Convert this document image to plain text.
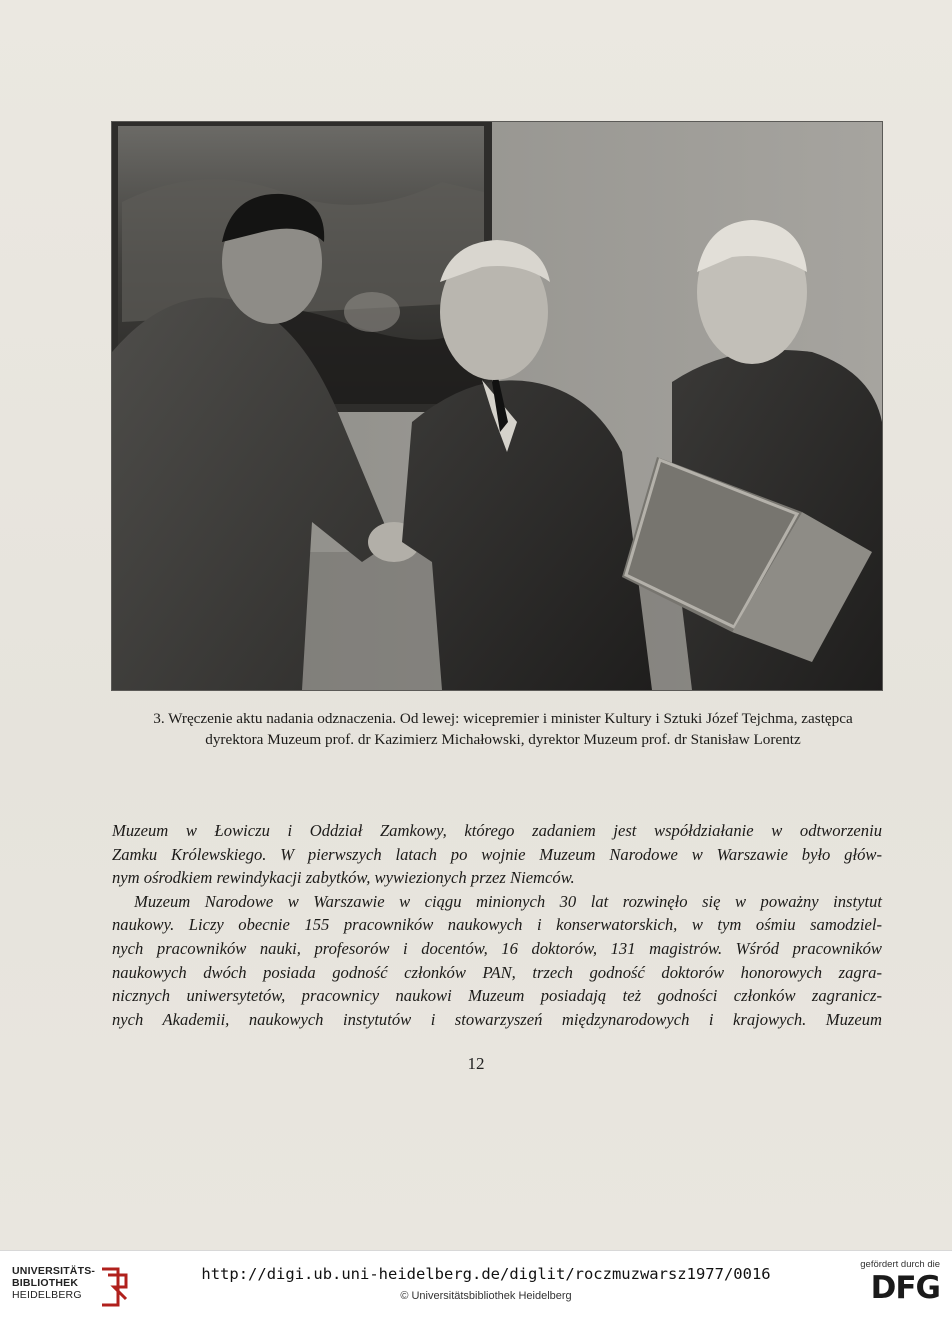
3. Wręczenie aktu nadania odznaczenia. Od lewej: wicepremier i minister Kultury i Sztuki Józef Tejchma, zastępca
dyrektora Muzeum prof. dr Kazimierz Michałowski, dyrektor Muzeum prof. dr Stanisław Lorentz
Muzeum w Łowiczu i Oddział Zamkowy, którego zadaniem jest współdziałanie w odtworzeniu
Zamku Królewskiego. W pierwszych latach po wojnie Muzeum Narodowe w Warszawie było głów-
nym ośrodkiem rewindykacji zabytków, wywiezionych przez Niemców.
Muzeum Narodowe w Warszawie w ciągu minionych 30 lat rozwinęło się w poważny instytut
naukowy. Liczy obecnie 155 pracowników naukowych i konserwatorskich, w tym ośmiu samodziel-
nych pracowników nauki, profesorów i docentów, 16 doktorów, 131 magistrów. Wśród pracowników
naukowych dwóch posiada godność członków PAN, trzech godność doktorów honorowych zagra-
nicznych uniwersytetów, pracownicy naukowi Muzeum posiadają też godności członków zagranicz-
nych Akademii, naukowych instytutów i stowarzyszeń międzynarodowych i krajowych. Muzeum
12
UNIVERSITÄTS-
BIBLIOTHEK
HEIDELBERG
http://digi.ub.uni-heidelberg.de/diglit/roczmuzwarsz1977/0016
© Universitätsbibliothek Heidelberg
gefördert durch die
DFG
